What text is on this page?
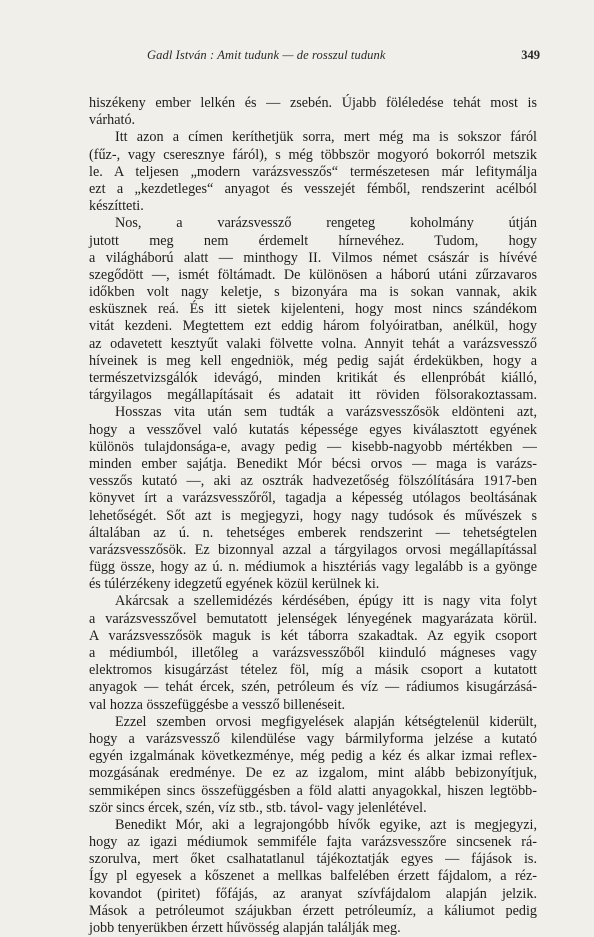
Gadl István : Amit tudunk — de rosszul tudunk	349
hiszékeny ember lelkén és — zsebén. Újabb föléledése tehát most is
várható.
Itt azon a címen keríthetjük sorra, mert még ma is sokszor fáról
(fűz-, vagy cseresznye fáról), s még többször mogyoró bokorról metszik
le. A teljesen „modern varázsvesszős“ természetesen már lefitymálja
ezt a „kezdetleges“ anyagot és vesszejét fémből, rendszerint acélból
készítteti.
Nos, a varázsvessző rengeteg koholmány útján
jutott meg nem érdemelt hírnevéhez. Tudom, hogy
a világháború alatt — minthogy II. Vilmos német császár is hívévé
szegődött —, ismét föltámadt. De különösen a háború utáni zűrzavaros
időkben volt nagy keletje, s bizonyára ma is sokan vannak, akik
esküsznek reá. És itt sietek kijelenteni, hogy most nincs szándékom
vitát kezdeni. Megtettem ezt eddig három folyóiratban, anélkül, hogy
az odavetett kesztyűt valaki fölvette volna. Annyit tehát a varázsvessző
híveinek is meg kell engedniök, még pedig saját érdekükben, hogy a
természetvizsgálók idevágó, minden kritikát és ellenpróbát kiálló,
tárgyilagos megállapításait és adatait itt röviden fölsorakoztassam.
Hosszas vita után sem tudták a varázsvesszősök eldönteni azt,
hogy a vesszővel való kutatás képessége egyes kiválasztott egyének
különös tulajdonsága-e, avagy pedig — kisebb-nagyobb mértékben —
minden ember sajátja. Benedikt Mór bécsi orvos — maga is varázs-
vesszős kutató —, aki az osztrák hadvezetőség fölszólítására 1917-ben
könyvet írt a varázsvesszőről, tagadja a képesség utólagos beoltásának
lehetőségét. Sőt azt is megjegyzi, hogy nagy tudósok és művészek s
általában az ú. n. tehetséges emberek rendszerint — tehetségtelen
varázsvesszősök. Ez bizonnyal azzal a tárgyilagos orvosi megállapítással
függ össze, hogy az ú. n. médiumok a hisztériás vagy legalább is a gyönge
és túlérzékeny idegzetű egyének közül kerülnek ki.
Akárcsak a szellemidézés kérdésében, épúgy itt is nagy vita folyt
a varázsvesszővel bemutatott jelenségek lényegének magyarázata körül.
A varázsvesszősök maguk is két táborra szakadtak. Az egyik csoport
a médiumból, illetőleg a varázsvesszőből kiinduló mágneses vagy
elektromos kisugárzást tételez föl, míg a másik csoport a kutatott
anyagok — tehát ércek, szén, petróleum és víz — rádiumos kisugárzásá-
val hozza összefüggésbe a vessző billenéseit.
Ezzel szemben orvosi megfigyelések alapján kétségtelenül kiderült,
hogy a varázsvessző kilendülése vagy bármilyforma jelzése a kutató
egyén izgalmának következménye, még pedig a kéz és alkar izmai reflex-
mozgásának eredménye. De ez az izgalom, mint alább bebizonyítjuk,
semmiképen sincs összefüggésben a föld alatti anyagokkal, hiszen legtöbb-
ször sincs ércek, szén, víz stb., stb. távol- vagy jelenlétével.
Benedikt Mór, aki a legrajongóbb hívők egyike, azt is megjegyzi,
hogy az igazi médiumok semmiféle fajta varázsvesszőre sincsenek rá-
szorulva, mert őket csalhatatlanul tájékoztatják egyes — fájások is.
Így pl egyesek a kőszenet a mellkas balfelében érzett fájdalom, a réz-
kovandot (piritet) főfájás, az aranyat szívfájdalom alapján jelzik.
Mások a petróleumot szájukban érzett petróleumíz, a káliumot pedig
jobb tenyerükben érzett hűvösség alapján találják meg.
